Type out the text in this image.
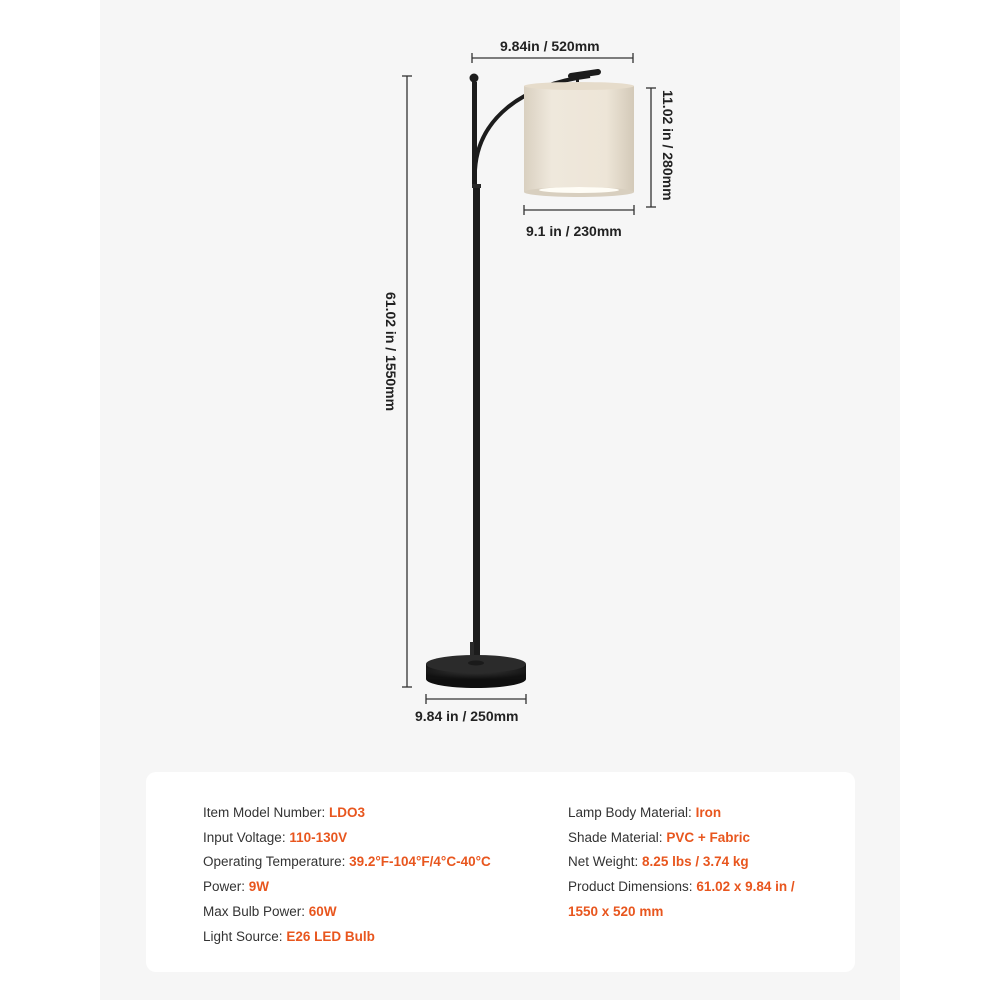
9.84in / 520mm
9.1 in / 230mm
9.84 in / 250mm
61.02 in / 1550mm
11.02 in / 280mm
Item Model Number: LDO3
Input Voltage: 110-130V
Operating Temperature: 39.2°F-104°F/4°C-40°C
Power: 9W
Max Bulb Power: 60W
Light Source: E26 LED Bulb
Lamp Body Material: Iron
Shade Material: PVC + Fabric
Net Weight: 8.25 lbs / 3.74 kg
Product Dimensions: 61.02 x 9.84 in /
1550 x 520 mm
